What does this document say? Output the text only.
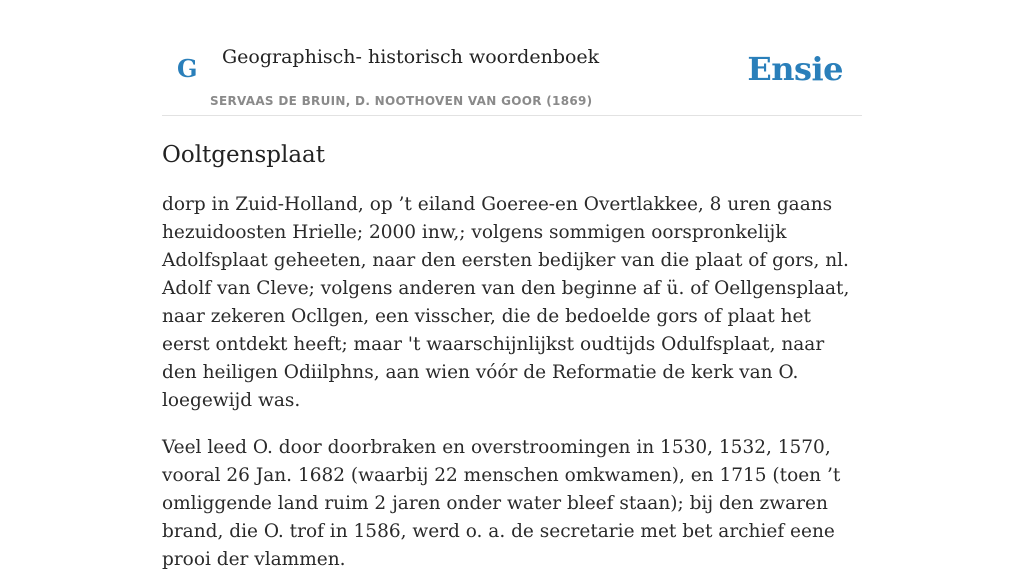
G Geographisch- historisch woordenboek
SERVAAS DE BRUIN, D. NOOTHOVEN VAN GOOR (1869)
Ensie
Ooltgensplaat

dorp in Zuid-Holland, op ’t eiland Goeree-en Overtlakkee, 8 uren gaans hezuidoosten Hrielle; 2000 inw,; volgens sommigen oorspronkelijk Adolfsplaat geheeten, naar den eersten bedijker van die plaat of gors, nl. Adolf van Cleve; volgens anderen van den beginne af ü. of Oellgensplaat, naar zekeren Ocllgen, een visscher, die de bedoelde gors of plaat het eerst ontdekt heeft; maar 't waarschijnlijkst oudtijds Odulfsplaat, naar den heiligen Odiilphns, aan wien vóór de Reformatie de kerk van O. loegewijd was.

Veel leed O. door doorbraken en overstroomingen in 1530, 1532, 1570, vooral 26 Jan. 1682 (waarbij 22 menschen omkwamen), en 1715 (toen ’t omliggende land ruim 2 jaren onder water bleef staan); bij den zwaren brand, die O. trof in 1586, werd o. a. de secretarie met bet archief eene prooi der vlammen.
